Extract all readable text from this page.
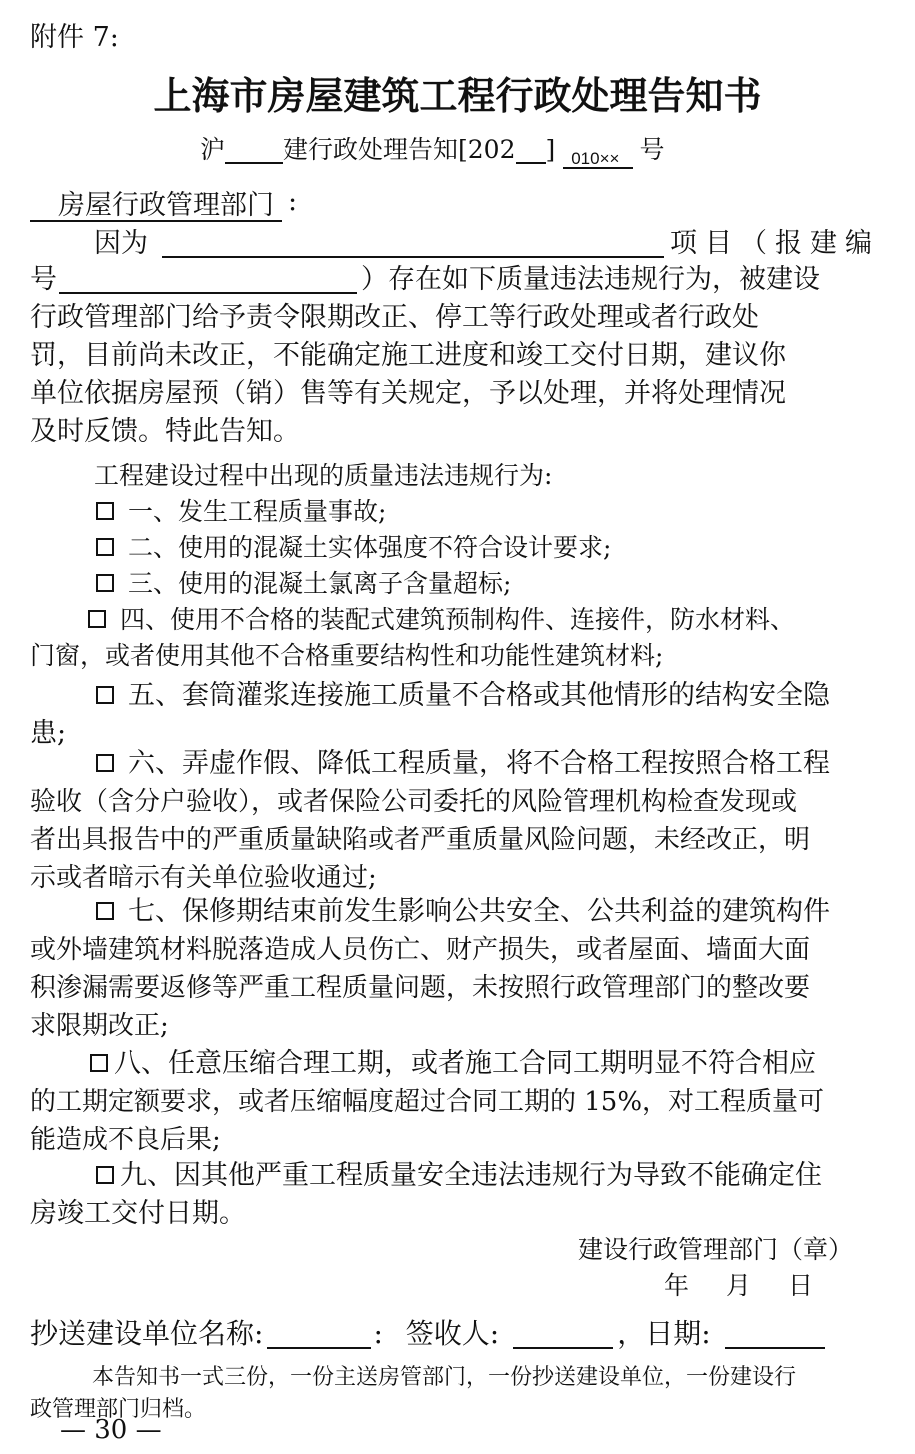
附件 7:
上海市房屋建筑工程行政处理告知书
沪 建行政处理告知[202 ] 010×× 号
房屋行政管理部门 :
因为	项目（报建编
号	）存在如下质量违法违规行为，被建设
行政管理部门给予责令限期改正、停工等行政处理或者行政处
罚，目前尚未改正，不能确定施工进度和竣工交付日期，建议你
单位依据房屋预（销）售等有关规定，予以处理，并将处理情况
及时反馈。特此告知。
工程建设过程中出现的质量违法违规行为:
一、发生工程质量事故;
二、使用的混凝土实体强度不符合设计要求;
三、使用的混凝土氯离子含量超标;
四、使用不合格的装配式建筑预制构件、连接件，防水材料、
门窗，或者使用其他不合格重要结构性和功能性建筑材料;
五、套筒灌浆连接施工质量不合格或其他情形的结构安全隐
患;
六、弄虚作假、降低工程质量，将不合格工程按照合格工程
验收（含分户验收），或者保险公司委托的风险管理机构检查发现或
者出具报告中的严重质量缺陷或者严重质量风险问题，未经改正，明
示或者暗示有关单位验收通过;
七、保修期结束前发生影响公共安全、公共利益的建筑构件
或外墙建筑材料脱落造成人员伤亡、财产损失，或者屋面、墙面大面
积渗漏需要返修等严重工程质量问题，未按照行政管理部门的整改要
求限期改正;
八、任意压缩合理工期，或者施工合同工期明显不符合相应
的工期定额要求，或者压缩幅度超过合同工期的 15%，对工程质量可
能造成不良后果;
九、因其他严重工程质量安全违法违规行为导致不能确定住
房竣工交付日期。
建设行政管理部门（章）
年　月　日
抄送建设单位名称:	: 签收人:	，日期:
本告知书一式三份，一份主送房管部门，一份抄送建设单位，一份建设行
政管理部门归档。
— 30 —
